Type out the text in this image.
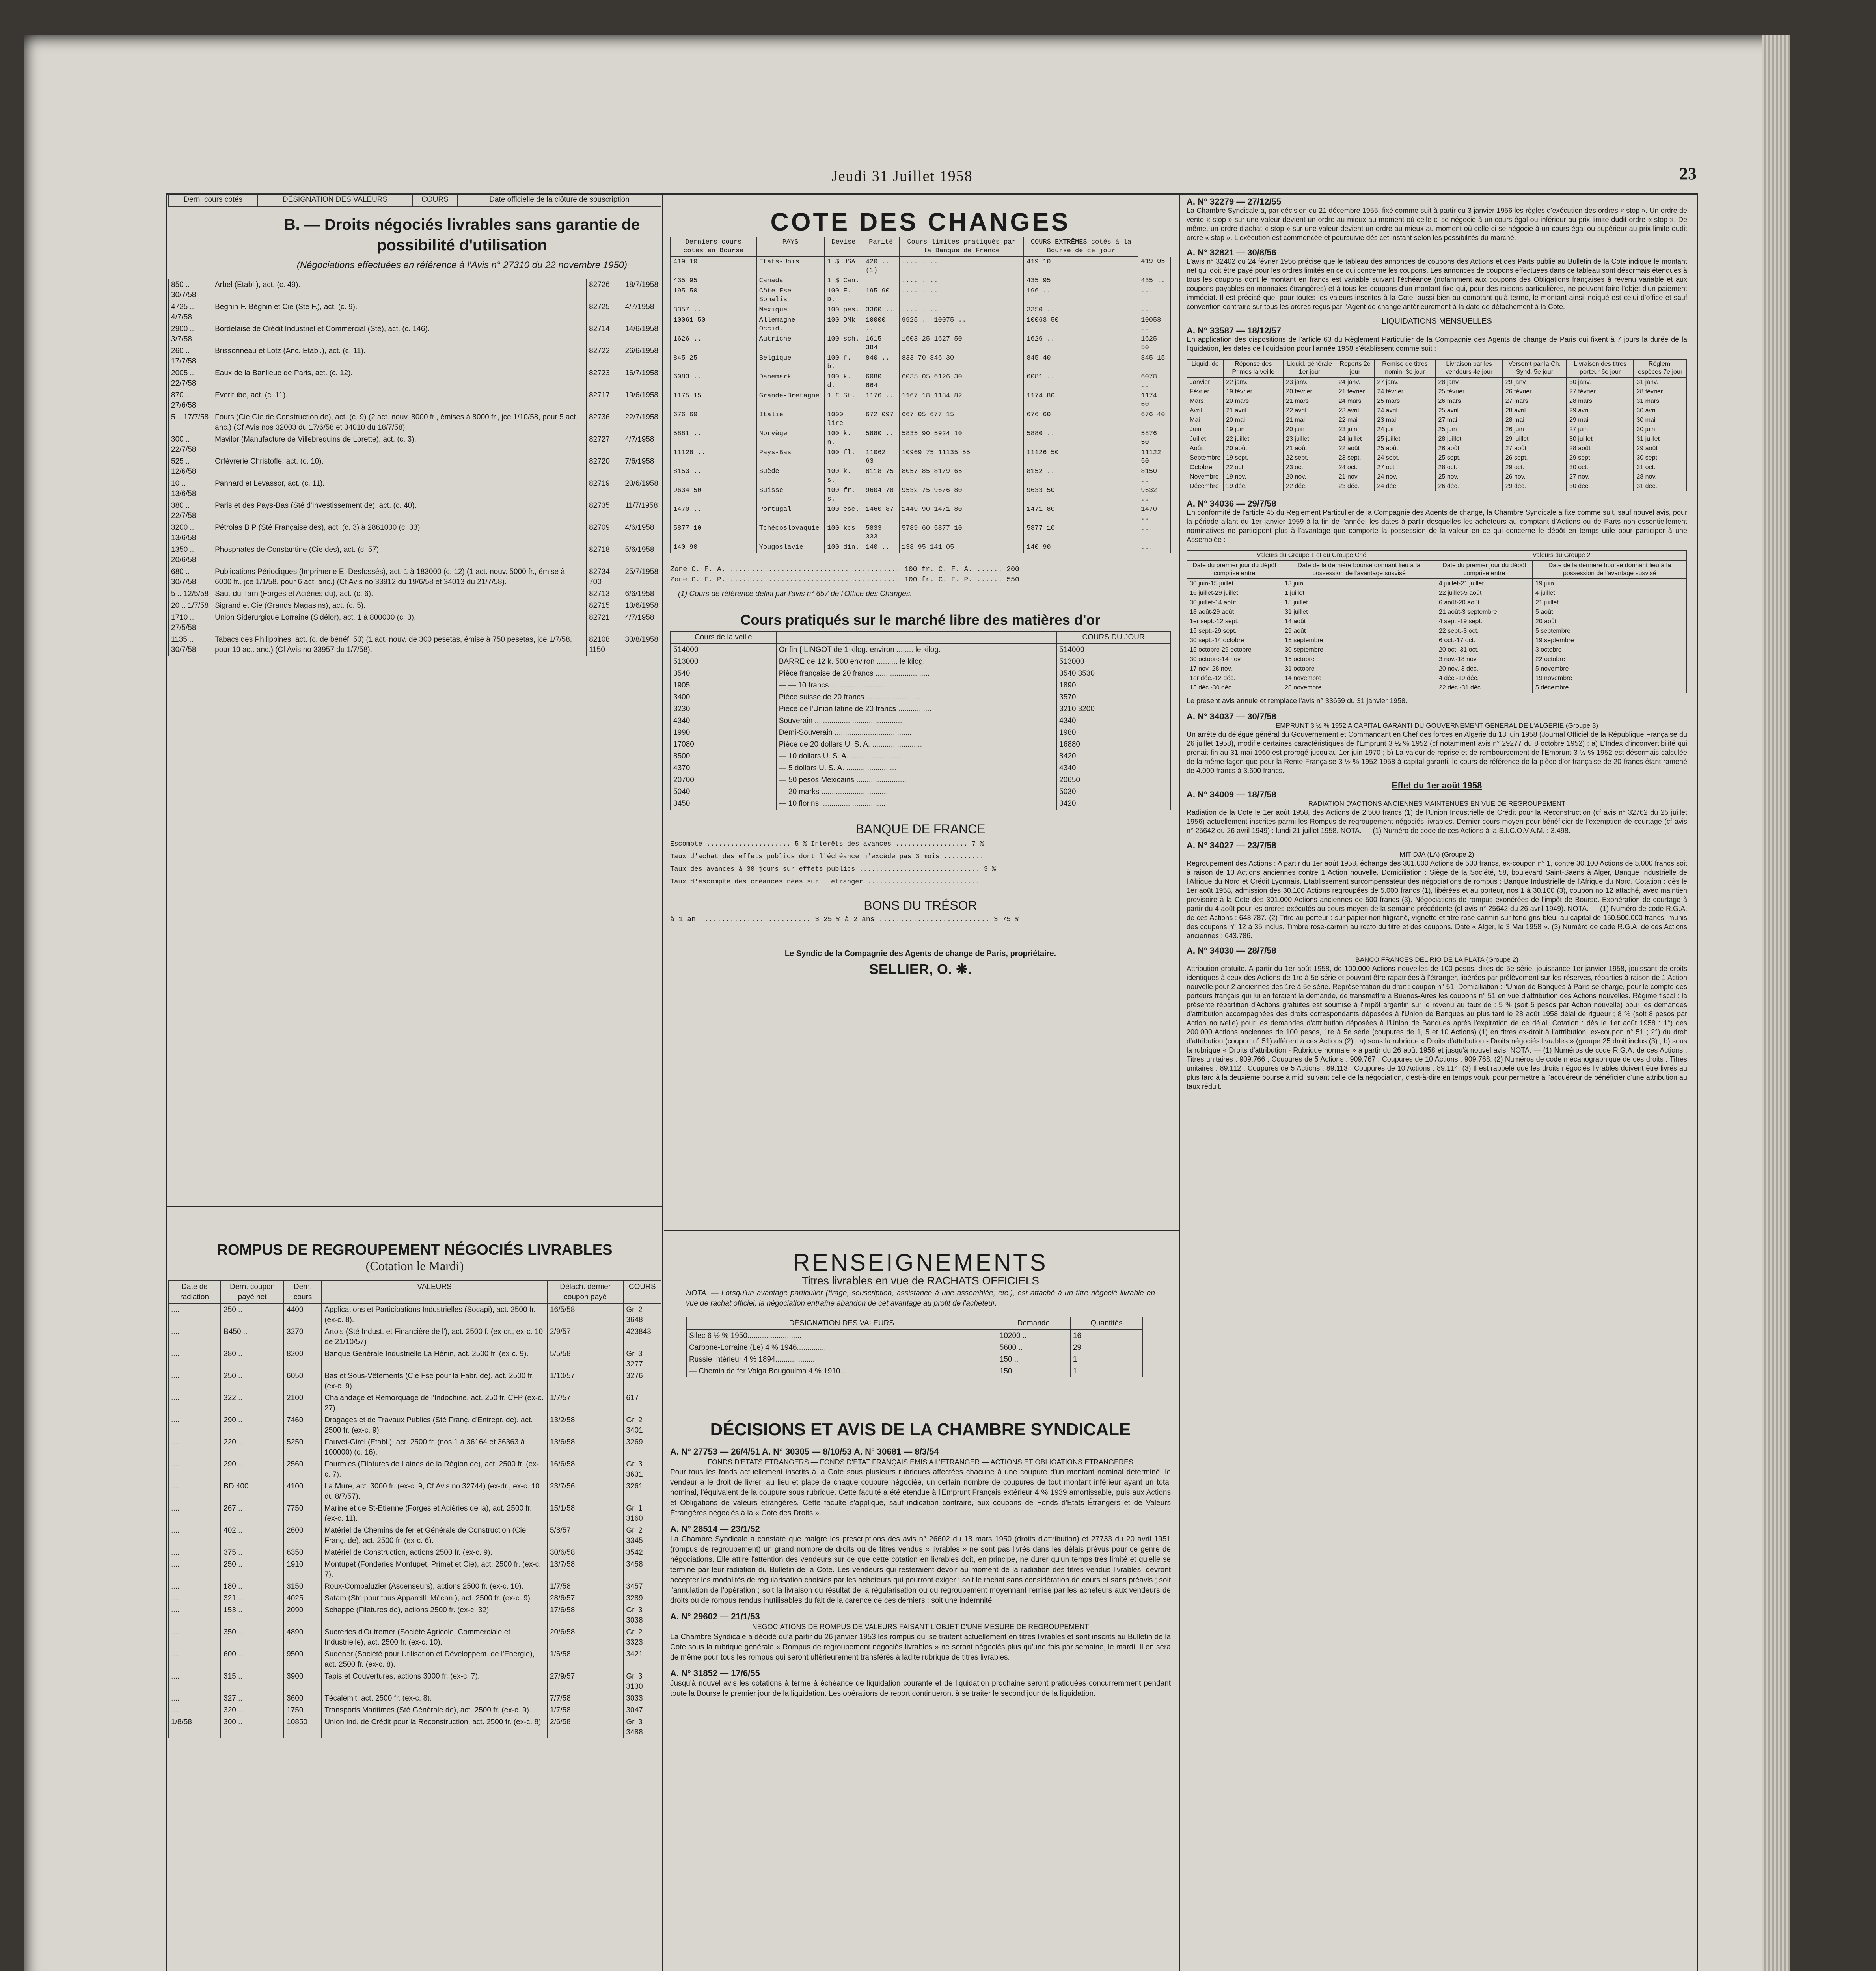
Jeudi 31 Juillet 1958	23
Dern. cours cotés	DÉSIGNATION DES VALEURS	COURS	Date officielle de la clôture de souscription
B. — Droits négociés livrables sans garantie de possibilité d'utilisation
(Négociations effectuées en référence à l'Avis n° 27310 du 22 novembre 1950)
850 .. 30/7/58	Arbel (Etabl.), act. (c. 49).	82726	18/7/1958
4725 .. 4/7/58	Béghin-F. Béghin et Cie (Sté F.), act. (c. 9).	82725	4/7/1958
2900 .. 3/7/58	Bordelaise de Crédit Industriel et Commercial (Sté), act. (c. 146).	82714	14/6/1958
260 .. 17/7/58	Brissonneau et Lotz (Anc. Etabl.), act. (c. 11).	82722	26/6/1958
2005 .. 22/7/58	Eaux de la Banlieue de Paris, act. (c. 12).	82723	16/7/1958
870 .. 27/6/58	Everitube, act. (c. 11).	82717	19/6/1958
5 .. 17/7/58	Fours (Cie Gle de Construction de), act. (c. 9) (2 act. nouv. 8000 fr., émises à 8000 fr., jce 1/10/58, pour 5 act. anc.) (Cf Avis nos 32003 du 17/6/58 et 34010 du 18/7/58).	82736	22/7/1958
300 .. 22/7/58	Mavilor (Manufacture de Villebrequins de Lorette), act. (c. 3).	82727	4/7/1958
525 .. 12/6/58	Orfèvrerie Christofle, act. (c. 10).	82720	7/6/1958
10 .. 13/6/58	Panhard et Levassor, act. (c. 11).	82719	20/6/1958
380 .. 22/7/58	Paris et des Pays-Bas (Sté d'Investissement de), act. (c. 40).	82735	11/7/1958
3200 .. 13/6/58	Pétrolas B P (Sté Française des), act. (c. 3) à 2861000 (c. 33).	82709	4/6/1958
1350 .. 20/6/58	Phosphates de Constantine (Cie des), act. (c. 57).	82718	5/6/1958
680 .. 30/7/58	Publications Périodiques (Imprimerie E. Desfossés), act. 1 à 183000 (c. 12) (1 act. nouv. 5000 fr., émise à 6000 fr., jce 1/1/58, pour 6 act. anc.) (Cf Avis no 33912 du 19/6/58 et 34013 du 21/7/58).	82734 700	25/7/1958
5 .. 12/5/58	Saut-du-Tarn (Forges et Aciéries du), act. (c. 6).	82713	6/6/1958
20 .. 1/7/58	Sigrand et Cie (Grands Magasins), act. (c. 5).	82715	13/6/1958
1710 .. 27/5/58	Union Sidérurgique Lorraine (Sidélor), act. 1 à 800000 (c. 3).	82721	4/7/1958
1135 .. 30/7/58	Tabacs des Philippines, act. (c. de bénéf. 50) (1 act. nouv. de 300 pesetas, émise à 750 pesetas, jce 1/7/58, pour 10 act. anc.) (Cf Avis no 33957 du 1/7/58).	82108 1150	30/8/1958
ROMPUS DE REGROUPEMENT NÉGOCIÉS LIVRABLES
(Cotation le Mardi)
Date de radiation	Dern. coupon payé net	Dern. cours	VALEURS	Délach. dernier coupon payé	COURS
....	250 ..	4400	Applications et Participations Industrielles (Socapi), act. 2500 fr. (ex-c. 8).	16/5/58	Gr. 2 3648
....	B450 ..	3270	Artois (Sté Indust. et Financière de l'), act. 2500 f. (ex-dr., ex-c. 10 de 21/10/57)	2/9/57	423843
....	380 ..	8200	Banque Générale Industrielle La Hénin, act. 2500 fr. (ex-c. 9).	5/5/58	Gr. 3 3277
....	250 ..	6050	Bas et Sous-Vêtements (Cie Fse pour la Fabr. de), act. 2500 fr. (ex-c. 9).	1/10/57	3276
....	322 ..	2100	Chalandage et Remorquage de l'Indochine, act. 250 fr. CFP (ex-c. 27).	1/7/57	617
....	290 ..	7460	Dragages et de Travaux Publics (Sté Franç. d'Entrepr. de), act. 2500 fr. (ex-c. 9).	13/2/58	Gr. 2 3401
....	220 ..	5250	Fauvet-Girel (Etabl.), act. 2500 fr. (nos 1 à 36164 et 36363 à 100000) (c. 16).	13/6/58	3269
....	290 ..	2560	Fourmies (Filatures de Laines de la Région de), act. 2500 fr. (ex-c. 7).	16/6/58	Gr. 3 3631
....	BD 400	4100	La Mure, act. 3000 fr. (ex-c. 9, Cf Avis no 32744) (ex-dr., ex-c. 10 du 8/7/57).	23/7/56	3261
....	267 ..	7750	Marine et de St-Etienne (Forges et Aciéries de la), act. 2500 fr. (ex-c. 11).	15/1/58	Gr. 1 3160
....	402 ..	2600	Matériel de Chemins de fer et Générale de Construction (Cie Franç. de), act. 2500 fr. (ex-c. 6).	5/8/57	Gr. 2 3345
....	375 ..	6350	Matériel de Construction, actions 2500 fr. (ex-c. 9).	30/6/58	3542
....	250 ..	1910	Montupet (Fonderies Montupet, Primet et Cie), act. 2500 fr. (ex-c. 7).	13/7/58	3458
....	180 ..	3150	Roux-Combaluzier (Ascenseurs), actions 2500 fr. (ex-c. 10).	1/7/58	3457
....	321 ..	4025	Satam (Sté pour tous Appareill. Mécan.), act. 2500 fr. (ex-c. 9).	28/6/57	3289
....	153 ..	2090	Schappe (Filatures de), actions 2500 fr. (ex-c. 32).	17/6/58	Gr. 3 3038
....	350 ..	4890	Sucreries d'Outremer (Société Agricole, Commerciale et Industrielle), act. 2500 fr. (ex-c. 10).	20/6/58	Gr. 2 3323
....	600 ..	9500	Sudener (Société pour Utilisation et Développem. de l'Energie), act. 2500 fr. (ex-c. 8).	1/6/58	3421
....	315 ..	3900	Tapis et Couvertures, actions 3000 fr. (ex-c. 7).	27/9/57	Gr. 3 3130
....	327 ..	3600	Técalémit, act. 2500 fr. (ex-c. 8).	7/7/58	3033
....	320 ..	1750	Transports Maritimes (Sté Générale de), act. 2500 fr. (ex-c. 9).	1/7/58	3047
1/8/58	300 ..	10850	Union Ind. de Crédit pour la Reconstruction, act. 2500 fr. (ex-c. 8).	2/6/58	Gr. 3 3488
COTE DES CHANGES
Derniers cours cotés en Bourse	PAYS	Devise	Parité	Cours limites pratiqués par la Banque de France	COURS EXTRÊMES cotés à la Bourse de ce jour	
419 10	Etats-Unis	1 $ USA	420 ..(1)	.... ....	419 10	419 05
435 95	Canada	1 $ Can.		.... ....	435 95	435 ..
195 50	Côte Fse Somalis	100 F. D.	195 90	.... ....	196 ..	....
3357 ..	Mexique	100 pes.	3360 ..	.... ....	3350 ..	....
10061 50	Allemagne Occid.	100 DMk	10000 ..	9925 .. 10075 ..	10063 50	10058 ..
1626 ..	Autriche	100 sch.	1615 384	1603 25 1627 50	1626 ..	1625 50
845 25	Belgique	100 f. b.	840 ..	833 70 846 30	845 40	845 15
6083 ..	Danemark	100 k. d.	6080 664	6035 05 6126 30	6081 ..	6078 ..
1175 15	Grande-Bretagne	1 £ St.	1176 ..	1167 18 1184 82	1174 80	1174 60
676 60	Italie	1000 lire	672 097	667 05 677 15	676 60	676 40
5881 ..	Norvège	100 k. n.	5880 ..	5835 90 5924 10	5880 ..	5876 50
11128 ..	Pays-Bas	100 fl.	11062 63	10969 75 11135 55	11126 50	11122 50
8153 ..	Suède	100 k. s.	8118 75	8057 85 8179 65	8152 ..	8150 ..
9634 50	Suisse	100 fr. s.	9604 78	9532 75 9676 80	9633 50	9632 ..
1470 ..	Portugal	100 esc.	1460 87	1449 90 1471 80	1471 80	1470 ..
5877 10	Tchécoslovaquie	100 kcs	5833 333	5789 60 5877 10	5877 10	....
140 90	Yougoslavie	100 din.	140 ..	138 95 141 05	140 90	....
Zone C. F. A. ........................................ 100 fr. C. F. A. ...... 200
Zone C. F. P. ........................................ 100 fr. C. F. P. ...... 550
(1) Cours de référence défini par l'avis n° 657 de l'Office des Changes.
Cours pratiqués sur le marché libre des matières d'or
Cours de la veille		COURS DU JOUR
514000	Or fin { LINGOT de 1 kilog. environ ........ le kilog.	514000
513000	BARRE de 12 k. 500 environ .......... le kilog.	513000
3540	Pièce française de 20 francs ..........................	3540 3530
1905	— — 10 francs ..........................	1890
3400	Pièce suisse de 20 francs ..........................	3570
3230	Pièce de l'Union latine de 20 francs ................	3210 3200
4340	Souverain ..........................................	4340
1990	Demi-Souverain .....................................	1980
17080	Pièce de 20 dollars U. S. A. ........................	16880
8500	— 10 dollars U. S. A. ........................	8420
4370	— 5 dollars U. S. A. ........................	4340
20700	— 50 pesos Mexicains ........................	20650
5040	— 20 marks .................................	5030
3450	— 10 florins ...............................	3420
BANQUE DE FRANCE
Escompte ..................... 5 % Intérêts des avances .................. 7 %
Taux d'achat des effets publics dont l'échéance n'excède pas 3 mois ..........
Taux des avances à 30 jours sur effets publics .............................. 3 %
Taux d'escompte des créances nées sur l'étranger ............................
BONS DU TRÉSOR
à 1 an .......................... 3 25 % à 2 ans .......................... 3 75 %
Le Syndic de la Compagnie des Agents de change de Paris, propriétaire.
SELLIER, O. ❋.
RENSEIGNEMENTS
Titres livrables en vue de RACHATS OFFICIELS
NOTA. — Lorsqu'un avantage particulier (tirage, souscription, assistance à une assemblée, etc.), est attaché à un titre négocié livrable en vue de rachat officiel, la négociation entraîne abandon de cet avantage au profit de l'acheteur.
DÉSIGNATION DES VALEURS	Demande	Quantités
Silec 6 ½ % 1950..........................	10200 ..	16
Carbone-Lorraine (Le) 4 % 1946..............	5600 ..	29
Russie Intérieur 4 % 1894...................	150 ..	1
— Chemin de fer Volga Bougoulma 4 % 1910..	150 ..	1
DÉCISIONS ET AVIS DE LA CHAMBRE SYNDICALE
A. N° 27753 — 26/4/51 A. N° 30305 — 8/10/53 A. N° 30681 — 8/3/54
FONDS D'ETATS ETRANGERS — FONDS D'ETAT FRANÇAIS EMIS A L'ETRANGER — ACTIONS ET OBLIGATIONS ETRANGERES
Pour tous les fonds actuellement inscrits à la Cote sous plusieurs rubriques affectées chacune à une coupure d'un montant nominal déterminé, le vendeur a le droit de livrer, au lieu et place de chaque coupure négociée, un certain nombre de coupures de tout montant inférieur ayant un total nominal, l'équivalent de la coupure sous rubrique. Cette faculté a été étendue à l'Emprunt Français extérieur 4 % 1939 amortissable, puis aux Actions et Obligations de valeurs étrangères. Cette faculté s'applique, sauf indication contraire, aux coupons de Fonds d'Etats Étrangers et de Valeurs Étrangères négociés à la « Cote des Droits ».
A. N° 28514 — 23/1/52
La Chambre Syndicale a constaté que malgré les prescriptions des avis n° 26602 du 18 mars 1950 (droits d'attribution) et 27733 du 20 avril 1951 (rompus de regroupement) un grand nombre de droits ou de titres vendus « livrables » ne sont pas livrés dans les délais prévus pour ce genre de négociations. Elle attire l'attention des vendeurs sur ce que cette cotation en livrables doit, en principe, ne durer qu'un temps très limité et qu'elle se termine par leur radiation du Bulletin de la Cote. Les vendeurs qui resteraient devoir au moment de la radiation des titres vendus livrables, devront accepter les modalités de régularisation choisies par les acheteurs qui pourront exiger : soit le rachat sans considération de cours et sans préavis ; soit l'annulation de l'opération ; soit la livraison du résultat de la régularisation ou du regroupement moyennant remise par les acheteurs aux vendeurs de droits ou de rompus rendus inutilisables du fait de la carence de ces derniers ; soit une indemnité.
A. N° 29602 — 21/1/53
NEGOCIATIONS DE ROMPUS DE VALEURS FAISANT L'OBJET D'UNE MESURE DE REGROUPEMENT
La Chambre Syndicale a décidé qu'à partir du 26 janvier 1953 les rompus qui se traitent actuellement en titres livrables et sont inscrits au Bulletin de la Cote sous la rubrique générale « Rompus de regroupement négociés livrables » ne seront négociés plus qu'une fois par semaine, le mardi. Il en sera de même pour tous les rompus qui seront ultérieurement transférés à ladite rubrique de titres livrables.
A. N° 31852 — 17/6/55
Jusqu'à nouvel avis les cotations à terme à échéance de liquidation courante et de liquidation prochaine seront pratiquées concurremment pendant toute la Bourse le premier jour de la liquidation. Les opérations de report continueront à se traiter le second jour de la liquidation.
A. N° 32279 — 27/12/55
La Chambre Syndicale a, par décision du 21 décembre 1955, fixé comme suit à partir du 3 janvier 1956 les règles d'exécution des ordres « stop ». Un ordre de vente « stop » sur une valeur devient un ordre au mieux au moment où celle-ci se négocie à un cours égal ou inférieur au prix limite dudit ordre « stop ». De même, un ordre d'achat « stop » sur une valeur devient un ordre au mieux au moment où celle-ci se négocie à un cours égal ou supérieur au prix limite dudit ordre « stop ». L'exécution est commencée et poursuivie dès cet instant selon les possibilités du marché.
A. N° 32821 — 30/8/56
L'avis n° 32402 du 24 février 1956 précise que le tableau des annonces de coupons des Actions et des Parts publié au Bulletin de la Cote indique le montant net qui doit être payé pour les ordres limités en ce qui concerne les coupons. Les annonces de coupons effectuées dans ce tableau sont désormais étendues à tous les coupons dont le montant en francs est variable suivant l'échéance (notamment aux coupons des Obligations françaises à revenu variable et aux coupons payables en monnaies étrangères) et à tous les coupons d'un montant fixe qui, pour des raisons particulières, ne peuvent faire l'objet d'un paiement immédiat. Il est précisé que, pour toutes les valeurs inscrites à la Cote, aussi bien au comptant qu'à terme, le montant ainsi indiqué est celui d'office et sauf convention contraire sur tous les ordres reçus par l'Agent de change antérieurement à la date de détachement à la Cote.
LIQUIDATIONS MENSUELLES
A. N° 33587 — 18/12/57
En application des dispositions de l'article 63 du Règlement Particulier de la Compagnie des Agents de change de Paris qui fixent à 7 jours la durée de la liquidation, les dates de liquidation pour l'année 1958 s'établissent comme suit :
Liquid. de	Réponse des Primes la veille	Liquid. générale 1er jour	Reports 2e jour	Remise de titres nomin. 3e jour	Livraison par les vendeurs 4e jour	Versemt par la Ch. Synd. 5e jour	Livraison des titres porteur 6e jour	Réglem. espèces 7e jour
Janvier	22 janv.	23 janv.	24 janv.	27 janv.	28 janv.	29 janv.	30 janv.	31 janv.
Février	19 février	20 février	21 février	24 février	25 février	26 février	27 février	28 février
Mars	20 mars	21 mars	24 mars	25 mars	26 mars	27 mars	28 mars	31 mars
Avril	21 avril	22 avril	23 avril	24 avril	25 avril	28 avril	29 avril	30 avril
Mai	20 mai	21 mai	22 mai	23 mai	27 mai	28 mai	29 mai	30 mai
Juin	19 juin	20 juin	23 juin	24 juin	25 juin	26 juin	27 juin	30 juin
Juillet	22 juillet	23 juillet	24 juillet	25 juillet	28 juillet	29 juillet	30 juillet	31 juillet
Août	20 août	21 août	22 août	25 août	26 août	27 août	28 août	29 août
Septembre	19 sept.	22 sept.	23 sept.	24 sept.	25 sept.	26 sept.	29 sept.	30 sept.
Octobre	22 oct.	23 oct.	24 oct.	27 oct.	28 oct.	29 oct.	30 oct.	31 oct.
Novembre	19 nov.	20 nov.	21 nov.	24 nov.	25 nov.	26 nov.	27 nov.	28 nov.
Décembre	19 déc.	22 déc.	23 déc.	24 déc.	26 déc.	29 déc.	30 déc.	31 déc.
A. N° 34036 — 29/7/58
En conformité de l'article 45 du Règlement Particulier de la Compagnie des Agents de change, la Chambre Syndicale a fixé comme suit, sauf nouvel avis, pour la période allant du 1er janvier 1959 à la fin de l'année, les dates à partir desquelles les acheteurs au comptant d'Actions ou de Parts non essentiellement nominatives ne participent plus à l'avantage que comporte la possession de la valeur en ce qui concerne le dépôt en temps utile pour participer à une Assemblée :
Valeurs du Groupe 1 et du Groupe Crié		Valeurs du Groupe 2	
Date du premier jour du dépôt comprise entre	Date de la dernière bourse donnant lieu à la possession de l'avantage susvisé	Date du premier jour du dépôt comprise entre	Date de la dernière bourse donnant lieu à la possession de l'avantage susvisé
30 juin-15 juillet	13 juin	4 juillet-21 juillet	19 juin
16 juillet-29 juillet	1 juillet	22 juillet-5 août	4 juillet
30 juillet-14 août	15 juillet	6 août-20 août	21 juillet
18 août-29 août	31 juillet	21 août-3 septembre	5 août
1er sept.-12 sept.	14 août	4 sept.-19 sept.	20 août
15 sept.-29 sept.	29 août	22 sept.-3 oct.	5 septembre
30 sept.-14 octobre	15 septembre	6 oct.-17 oct.	19 septembre
15 octobre-29 octobre	30 septembre	20 oct.-31 oct.	3 octobre
30 octobre-14 nov.	15 octobre	3 nov.-18 nov.	22 octobre
17 nov.-28 nov.	31 octobre	20 nov.-3 déc.	5 novembre
1er déc.-12 déc.	14 novembre	4 déc.-19 déc.	19 novembre
15 déc.-30 déc.	28 novembre	22 déc.-31 déc.	5 décembre
Le présent avis annule et remplace l'avis n° 33659 du 31 janvier 1958.
A. N° 34037 — 30/7/58
EMPRUNT 3 ½ % 1952 A CAPITAL GARANTI DU GOUVERNEMENT GENERAL DE L'ALGERIE (Groupe 3)
Un arrêté du délégué général du Gouvernement et Commandant en Chef des forces en Algérie du 13 juin 1958 (Journal Officiel de la République Française du 26 juillet 1958), modifie certaines caractéristiques de l'Emprunt 3 ½ % 1952 (cf notamment avis n° 29277 du 8 octobre 1952) : a) L'Index d'inconvertibilité qui prenait fin au 31 mai 1960 est prorogé jusqu'au 1er juin 1970 ; b) La valeur de reprise et de remboursement de l'Emprunt 3 ½ % 1952 est désormais calculée de la même façon que pour la Rente Française 3 ½ % 1952-1958 à capital garanti, le cours de référence de la pièce d'or française de 20 francs étant ramené de 4.000 francs à 3.600 francs.
Effet du 1er août 1958
A. N° 34009 — 18/7/58
RADIATION D'ACTIONS ANCIENNES MAINTENUES EN VUE DE REGROUPEMENT
Radiation de la Cote le 1er août 1958, des Actions de 2.500 francs (1) de l'Union Industrielle de Crédit pour la Reconstruction (cf avis n° 32762 du 25 juillet 1956) actuellement inscrites parmi les Rompus de regroupement négociés livrables. Dernier cours moyen pour bénéficier de l'exemption de courtage (cf avis n° 25642 du 26 avril 1949) : lundi 21 juillet 1958. NOTA. — (1) Numéro de code de ces Actions à la S.I.C.O.V.A.M. : 3.498.
A. N° 34027 — 23/7/58
MITIDJA (LA) (Groupe 2)
Regroupement des Actions : A partir du 1er août 1958, échange des 301.000 Actions de 500 francs, ex-coupon n° 1, contre 30.100 Actions de 5.000 francs soit à raison de 10 Actions anciennes contre 1 Action nouvelle. Domiciliation : Siège de la Société, 58, boulevard Saint-Saëns à Alger, Banque Industrielle de l'Afrique du Nord et Crédit Lyonnais. Etablissement surcompensateur des négociations de rompus : Banque Industrielle de l'Afrique du Nord. Cotation : dès le 1er août 1958, admission des 30.100 Actions regroupées de 5.000 francs (1), libérées et au porteur, nos 1 à 30.100 (3), coupon no 12 attaché, avec maintien provisoire à la Cote des 301.000 Actions anciennes de 500 francs (3). Négociations de rompus exonérées de l'impôt de Bourse. Exonération de courtage à partir du 4 août pour les ordres exécutés au cours moyen de la semaine précédente (cf avis n° 25642 du 26 avril 1949). NOTA. — (1) Numéro de code R.G.A. de ces Actions : 643.787. (2) Titre au porteur : sur papier non filigrané, vignette et titre rose-carmin sur fond gris-bleu, au capital de 150.500.000 francs, munis des coupons n° 12 à 35 inclus. Timbre rose-carmin au recto du titre et des coupons. Date « Alger, le 3 Mai 1958 ». (3) Numéro de code R.G.A. de ces Actions anciennes : 643.786.
A. N° 34030 — 28/7/58
BANCO FRANCES DEL RIO DE LA PLATA (Groupe 2)
Attribution gratuite. A partir du 1er août 1958, de 100.000 Actions nouvelles de 100 pesos, dites de 5e série, jouissance 1er janvier 1958, jouissant de droits identiques à ceux des Actions de 1re à 5e série et pouvant être rapatriées à l'étranger, libérées par prélèvement sur les réserves, réparties à raison de 1 Action nouvelle pour 2 anciennes des 1re à 5e série. Représentation du droit : coupon n° 51. Domiciliation : l'Union de Banques à Paris se charge, pour le compte des porteurs français qui lui en feraient la demande, de transmettre à Buenos-Aires les coupons n° 51 en vue d'attribution des Actions nouvelles. Régime fiscal : la présente répartition d'Actions gratuites est soumise à l'impôt argentin sur le revenu au taux de : 5 % (soit 5 pesos par Action nouvelle) pour les demandes d'attribution accompagnées des droits correspondants déposées à l'Union de Banques au plus tard le 28 août 1958 délai de rigueur ; 8 % (soit 8 pesos par Action nouvelle) pour les demandes d'attribution déposées à l'Union de Banques après l'expiration de ce délai. Cotation : dès le 1er août 1958 : 1°) des 200.000 Actions anciennes de 100 pesos, 1re à 5e série (coupures de 1, 5 et 10 Actions) (1) en titres ex-droit à l'attribution, ex-coupon n° 51 ; 2°) du droit d'attribution (coupon n° 51) afférent à ces Actions (2) : a) sous la rubrique « Droits d'attribution - Droits négociés livrables » (groupe 25 droit inclus (3) ; b) sous la rubrique « Droits d'attribution - Rubrique normale » à partir du 26 août 1958 et jusqu'à nouvel avis. NOTA. — (1) Numéros de code R.G.A. de ces Actions : Titres unitaires : 909.766 ; Coupures de 5 Actions : 909.767 ; Coupures de 10 Actions : 909.768. (2) Numéros de code mécanographique de ces droits : Titres unitaires : 89.112 ; Coupures de 5 Actions : 89.113 ; Coupures de 10 Actions : 89.114. (3) Il est rappelé que les droits négociés livrables doivent être livrés au plus tard à la deuxième bourse à midi suivant celle de la négociation, c'est-à-dire en temps voulu pour permettre à l'acquéreur de bénéficier d'une attribution au taux réduit.
